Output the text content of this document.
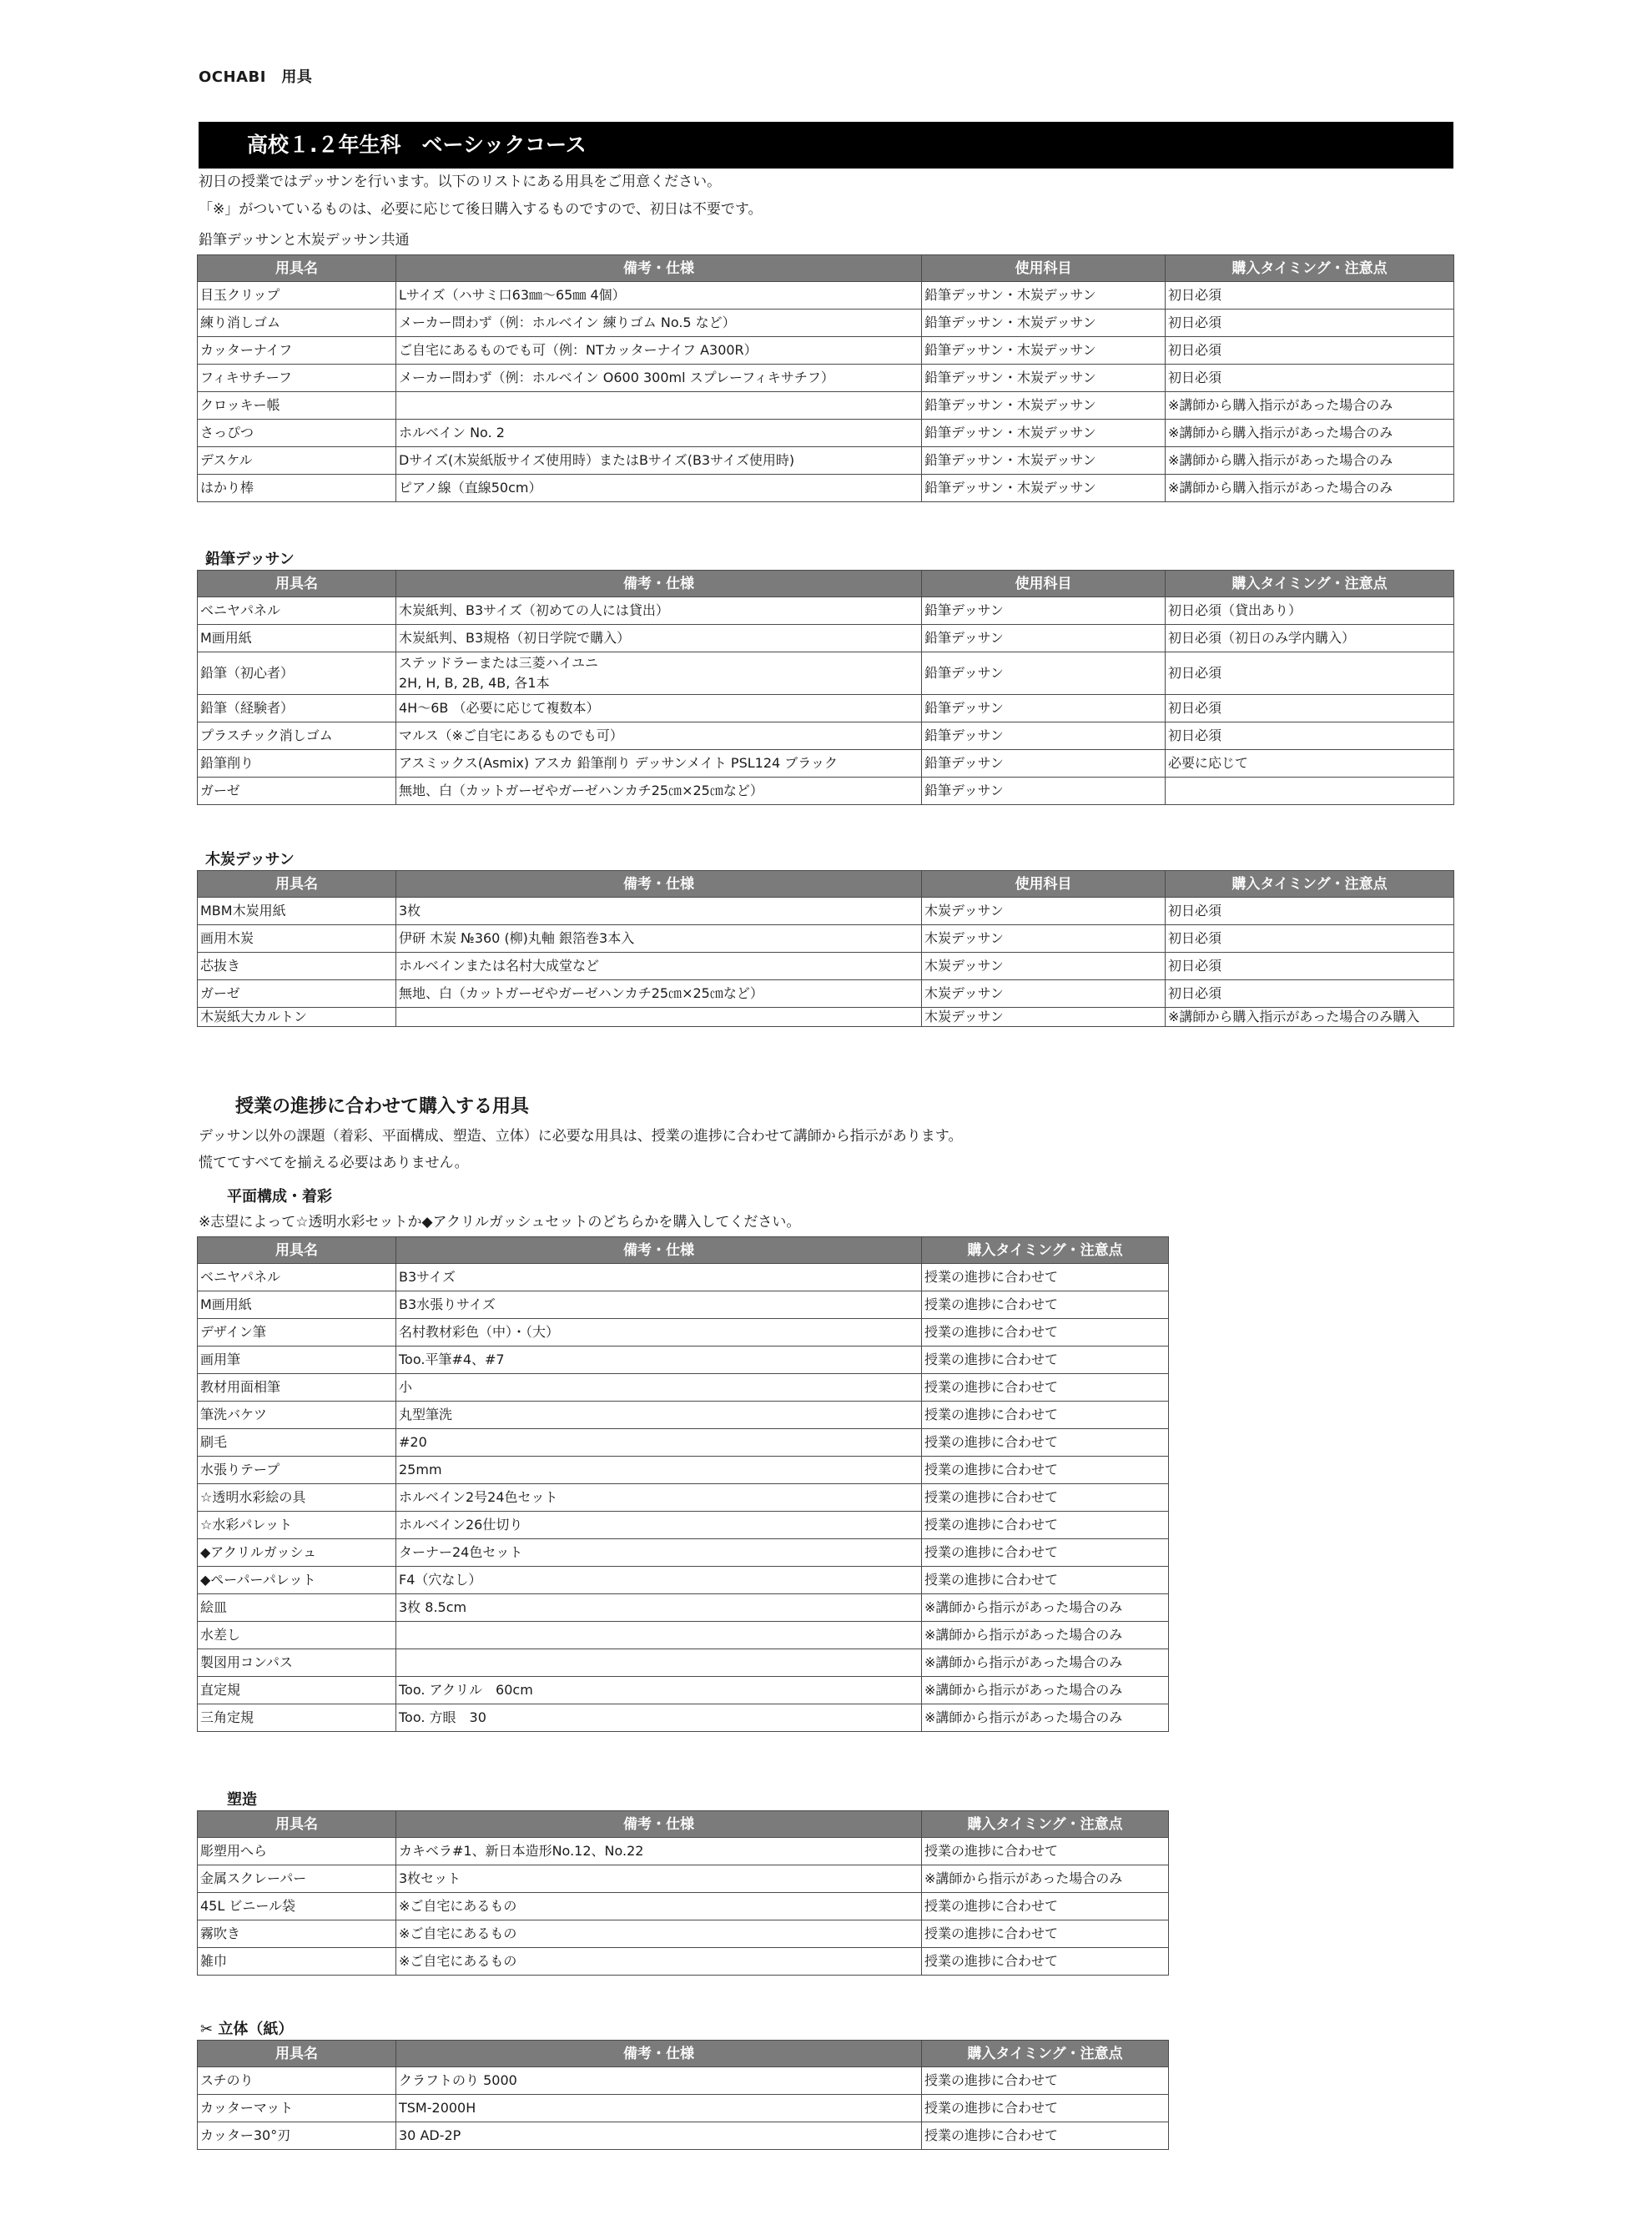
OCHABI　用具
高校１.２年生科　ベーシックコース
初日の授業ではデッサンを行います。以下のリストにある用具をご用意ください。
「※」がついているものは、必要に応じて後日購入するものですので、初日は不要です。
鉛筆デッサンと木炭デッサン共通
用具名	備考・仕様	使用科目	購入タイミング・注意点
目玉クリップ	Lサイズ（ハサミ口63㎜～65㎜ 4個）	鉛筆デッサン・木炭デッサン	初日必須
練り消しゴム	メーカー問わず（例：ホルベイン 練りゴム No.5 など）	鉛筆デッサン・木炭デッサン	初日必須
カッターナイフ	ご自宅にあるものでも可（例：NTカッターナイフ A300R）	鉛筆デッサン・木炭デッサン	初日必須
フィキサチーフ	メーカー問わず（例：ホルベイン O600 300ml スプレーフィキサチフ）	鉛筆デッサン・木炭デッサン	初日必須
クロッキー帳		鉛筆デッサン・木炭デッサン	※講師から購入指示があった場合のみ
さっぴつ	ホルベイン No. 2	鉛筆デッサン・木炭デッサン	※講師から購入指示があった場合のみ
デスケル	Dサイズ(木炭紙版サイズ使用時）またはBサイズ(B3サイズ使用時)	鉛筆デッサン・木炭デッサン	※講師から購入指示があった場合のみ
はかり棒	ピアノ線（直線50cm）	鉛筆デッサン・木炭デッサン	※講師から購入指示があった場合のみ
鉛筆デッサン
用具名	備考・仕様	使用科目	購入タイミング・注意点
ベニヤパネル	木炭紙判、B3サイズ（初めての人には貸出）	鉛筆デッサン	初日必須（貸出あり）
M画用紙	木炭紙判、B3規格（初日学院で購入）	鉛筆デッサン	初日必須（初日のみ学内購入）
鉛筆（初心者）	ステッドラーまたは三菱ハイユニ
2H, H, B, 2B, 4B, 各1本	鉛筆デッサン	初日必須
鉛筆（経験者）	4H～6B （必要に応じて複数本）	鉛筆デッサン	初日必須
プラスチック消しゴム	マルス（※ご自宅にあるものでも可）	鉛筆デッサン	初日必須
鉛筆削り	アスミックス(Asmix) アスカ 鉛筆削り デッサンメイト PSL124 ブラック	鉛筆デッサン	必要に応じて
ガーゼ	無地、白（カットガーゼやガーゼハンカチ25㎝×25㎝など）	鉛筆デッサン	
木炭デッサン
用具名	備考・仕様	使用科目	購入タイミング・注意点
MBM木炭用紙	3枚	木炭デッサン	初日必須
画用木炭	伊研 木炭 №360 (柳)丸軸 銀箔巻3本入	木炭デッサン	初日必須
芯抜き	ホルベインまたは名村大成堂など	木炭デッサン	初日必須
ガーゼ	無地、白（カットガーゼやガーゼハンカチ25㎝×25㎝など）	木炭デッサン	初日必須
木炭紙大カルトン		木炭デッサン	※講師から購入指示があった場合のみ購入
授業の進捗に合わせて購入する用具
デッサン以外の課題（着彩、平面構成、塑造、立体）に必要な用具は、授業の進捗に合わせて講師から指示があります。
慌ててすべてを揃える必要はありません。
平面構成・着彩
※志望によって☆透明水彩セットか◆アクリルガッシュセットのどちらかを購入してください。
用具名	備考・仕様	購入タイミング・注意点
ベニヤパネル	B3サイズ	授業の進捗に合わせて
M画用紙	B3水張りサイズ	授業の進捗に合わせて
デザイン筆	名村教材彩色（中）・（大）	授業の進捗に合わせて
画用筆	Too.平筆#4、#7	授業の進捗に合わせて
教材用面相筆	小	授業の進捗に合わせて
筆洗バケツ	丸型筆洗	授業の進捗に合わせて
刷毛	#20	授業の進捗に合わせて
水張りテープ	25mm	授業の進捗に合わせて
☆透明水彩絵の具	ホルベイン2号24色セット	授業の進捗に合わせて
☆水彩パレット	ホルベイン26仕切り	授業の進捗に合わせて
◆アクリルガッシュ	ターナー24色セット	授業の進捗に合わせて
◆ペーパーパレット	F4（穴なし）	授業の進捗に合わせて
絵皿	3枚 8.5cm	※講師から指示があった場合のみ
水差し		※講師から指示があった場合のみ
製図用コンパス		※講師から指示があった場合のみ
直定規	Too. アクリル　60cm	※講師から指示があった場合のみ
三角定規	Too. 方眼　30	※講師から指示があった場合のみ
塑造
用具名	備考・仕様	購入タイミング・注意点
彫塑用へら	カキベラ#1、新日本造形No.12、No.22	授業の進捗に合わせて
金属スクレーパー	3枚セット	※講師から指示があった場合のみ
45L ビニール袋	※ご自宅にあるもの	授業の進捗に合わせて
霧吹き	※ご自宅にあるもの	授業の進捗に合わせて
雑巾	※ご自宅にあるもの	授業の進捗に合わせて
✂ 立体（紙）
用具名	備考・仕様	購入タイミング・注意点
スチのり	クラフトのり 5000	授業の進捗に合わせて
カッターマット	TSM-2000H	授業の進捗に合わせて
カッター30°刃	30 AD-2P	授業の進捗に合わせて
